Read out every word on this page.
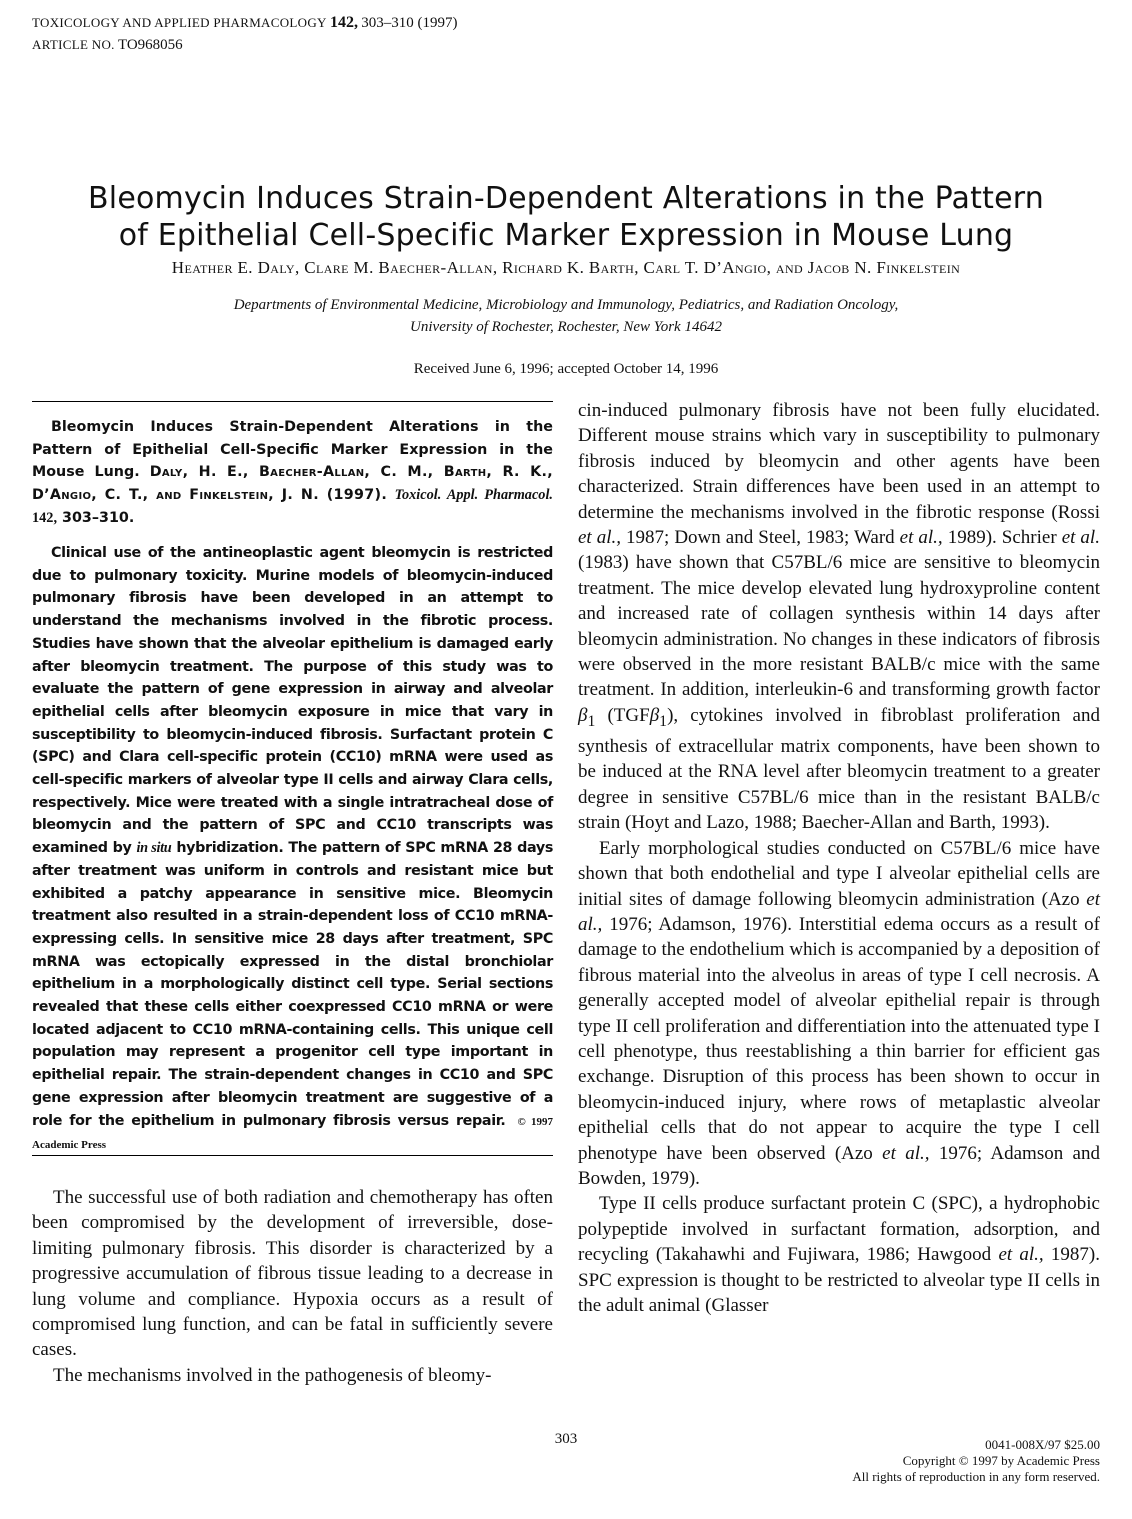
TOXICOLOGY AND APPLIED PHARMACOLOGY 142, 303–310 (1997)
ARTICLE NO. TO968056
Bleomycin Induces Strain-Dependent Alterations in the Pattern
of Epithelial Cell-Specific Marker Expression in Mouse Lung
Heather E. Daly, Clare M. Baecher-Allan, Richard K. Barth, Carl T. D’Angio, and Jacob N. Finkelstein
Departments of Environmental Medicine, Microbiology and Immunology, Pediatrics, and Radiation Oncology,
University of Rochester, Rochester, New York 14642
Received June 6, 1996; accepted October 14, 1996
Bleomycin Induces Strain-Dependent Alterations in the Pattern of Epithelial Cell-Specific Marker Expression in the Mouse Lung. Daly, H. E., Baecher-Allan, C. M., Barth, R. K., D’Angio, C. T., and Finkelstein, J. N. (1997). Toxicol. Appl. Pharmacol. 142, 303–310.
Clinical use of the antineoplastic agent bleomycin is restricted due to pulmonary toxicity. Murine models of bleomycin-induced pulmonary fibrosis have been developed in an attempt to understand the mechanisms involved in the fibrotic process. Studies have shown that the alveolar epithelium is damaged early after bleomycin treatment. The purpose of this study was to evaluate the pattern of gene expression in airway and alveolar epithelial cells after bleomycin exposure in mice that vary in susceptibility to bleomycin-induced fibrosis. Surfactant protein C (SPC) and Clara cell-specific protein (CC10) mRNA were used as cell-specific markers of alveolar type II cells and airway Clara cells, respectively. Mice were treated with a single intratracheal dose of bleomycin and the pattern of SPC and CC10 transcripts was examined by in situ hybridization. The pattern of SPC mRNA 28 days after treatment was uniform in controls and resistant mice but exhibited a patchy appearance in sensitive mice. Bleomycin treatment also resulted in a strain-dependent loss of CC10 mRNA-expressing cells. In sensitive mice 28 days after treatment, SPC mRNA was ectopically expressed in the distal bronchiolar epithelium in a morphologically distinct cell type. Serial sections revealed that these cells either coexpressed CC10 mRNA or were located adjacent to CC10 mRNA-containing cells. This unique cell population may represent a progenitor cell type important in epithelial repair. The strain-dependent changes in CC10 and SPC gene expression after bleomycin treatment are suggestive of a role for the epithelium in pulmonary fibrosis versus repair. © 1997 Academic Press

The successful use of both radiation and chemotherapy has often been compromised by the development of irreversible, dose-limiting pulmonary fibrosis. This disorder is characterized by a progressive accumulation of fibrous tissue leading to a decrease in lung volume and compliance. Hypoxia occurs as a result of compromised lung function, and can be fatal in sufficiently severe cases.

The mechanisms involved in the pathogenesis of bleomy-

cin-induced pulmonary fibrosis have not been fully elucidated. Different mouse strains which vary in susceptibility to pulmonary fibrosis induced by bleomycin and other agents have been characterized. Strain differences have been used in an attempt to determine the mechanisms involved in the fibrotic response (Rossi et al., 1987; Down and Steel, 1983; Ward et al., 1989). Schrier et al. (1983) have shown that C57BL/6 mice are sensitive to bleomycin treatment. The mice develop elevated lung hydroxyproline content and increased rate of collagen synthesis within 14 days after bleomycin administration. No changes in these indicators of fibrosis were observed in the more resistant BALB/c mice with the same treatment. In addition, interleukin-6 and transforming growth factor $\beta_1$ (TGFβ$_1$), cytokines involved in fibroblast proliferation and synthesis of extracellular matrix components, have been shown to be induced at the RNA level after bleomycin treatment to a greater degree in sensitive C57BL/6 mice than in the resistant BALB/c strain (Hoyt and Lazo, 1988; Baecher-Allan and Barth, 1993).

Early morphological studies conducted on C57BL/6 mice have shown that both endothelial and type I alveolar epithelial cells are initial sites of damage following bleomycin administration (Azo et al., 1976; Adamson, 1976). Interstitial edema occurs as a result of damage to the endothelium which is accompanied by a deposition of fibrous material into the alveolus in areas of type I cell necrosis. A generally accepted model of alveolar epithelial repair is through type II cell proliferation and differentiation into the attenuated type I cell phenotype, thus reestablishing a thin barrier for efficient gas exchange. Disruption of this process has been shown to occur in bleomycin-induced injury, where rows of metaplastic alveolar epithelial cells that do not appear to acquire the type I cell phenotype have been observed (Azo et al., 1976; Adamson and Bowden, 1979).

Type II cells produce surfactant protein C (SPC), a hydrophobic polypeptide involved in surfactant formation, adsorption, and recycling (Takahawhi and Fujiwara, 1986; Hawgood et al., 1987). SPC expression is thought to be restricted to alveolar type II cells in the adult animal (Glasser

303	0041-008X/97 $25.00
Copyright © 1997 by Academic Press
All rights of reproduction in any form reserved.
